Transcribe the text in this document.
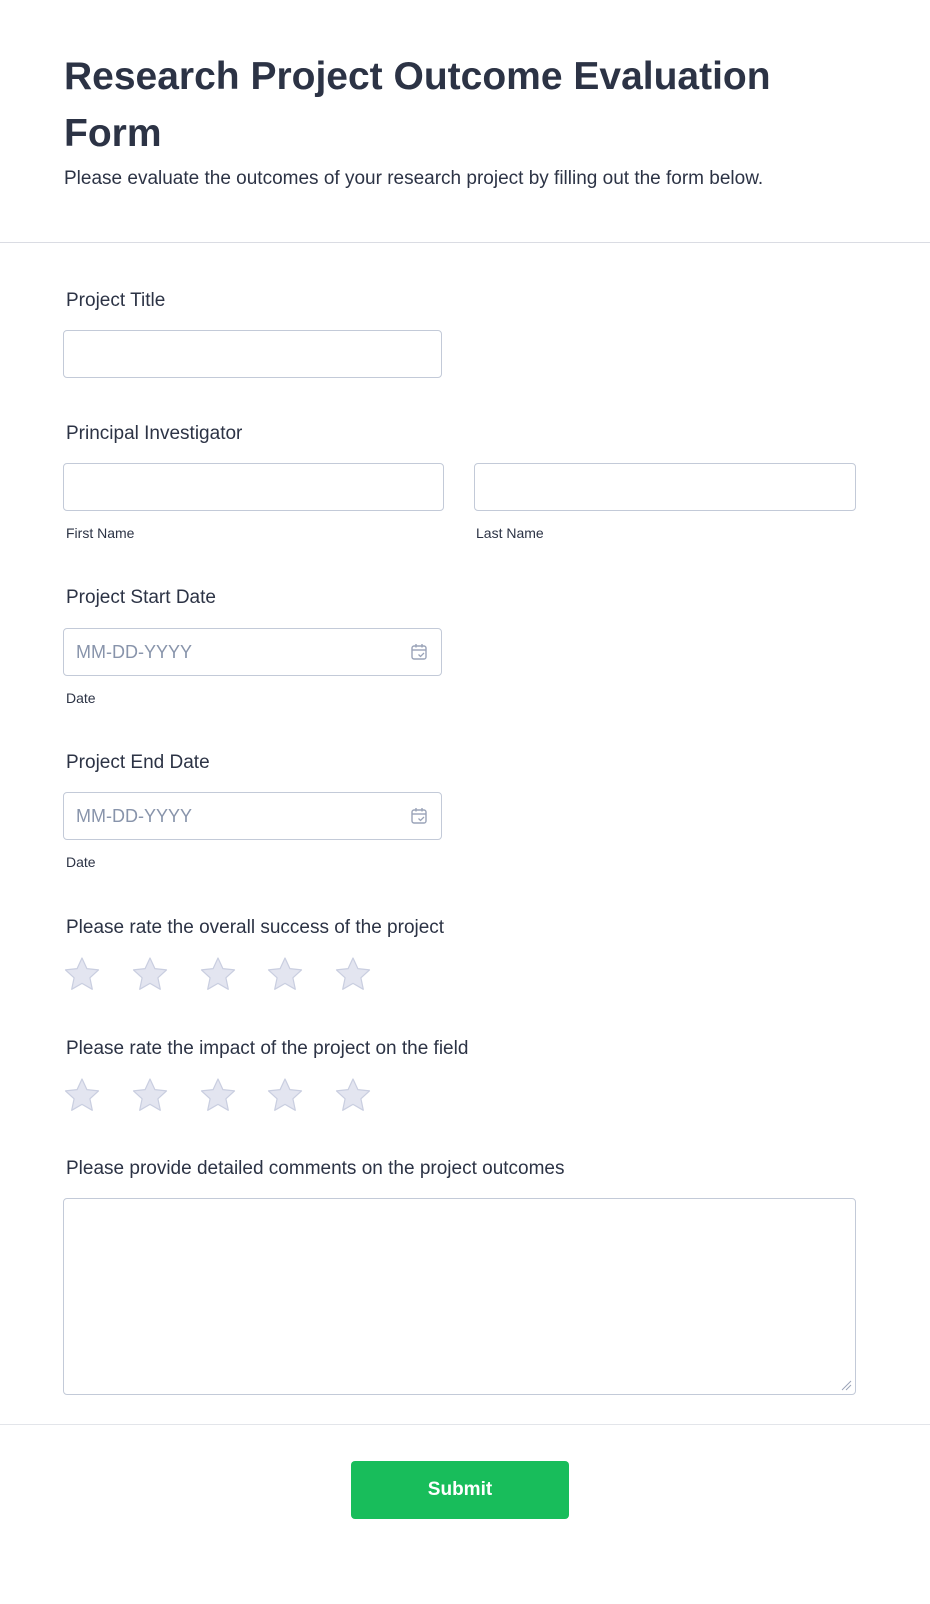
Research Project Outcome Evaluation Form

Please evaluate the outcomes of your research project by filling out the form below.

Project Title
Principal Investigator
First Name	Last Name
Project Start Date
MM-DD-YYYY
Date
Project End Date
MM-DD-YYYY
Date
Please rate the overall success of the project
Please rate the impact of the project on the field
Please provide detailed comments on the project outcomes
Submit
